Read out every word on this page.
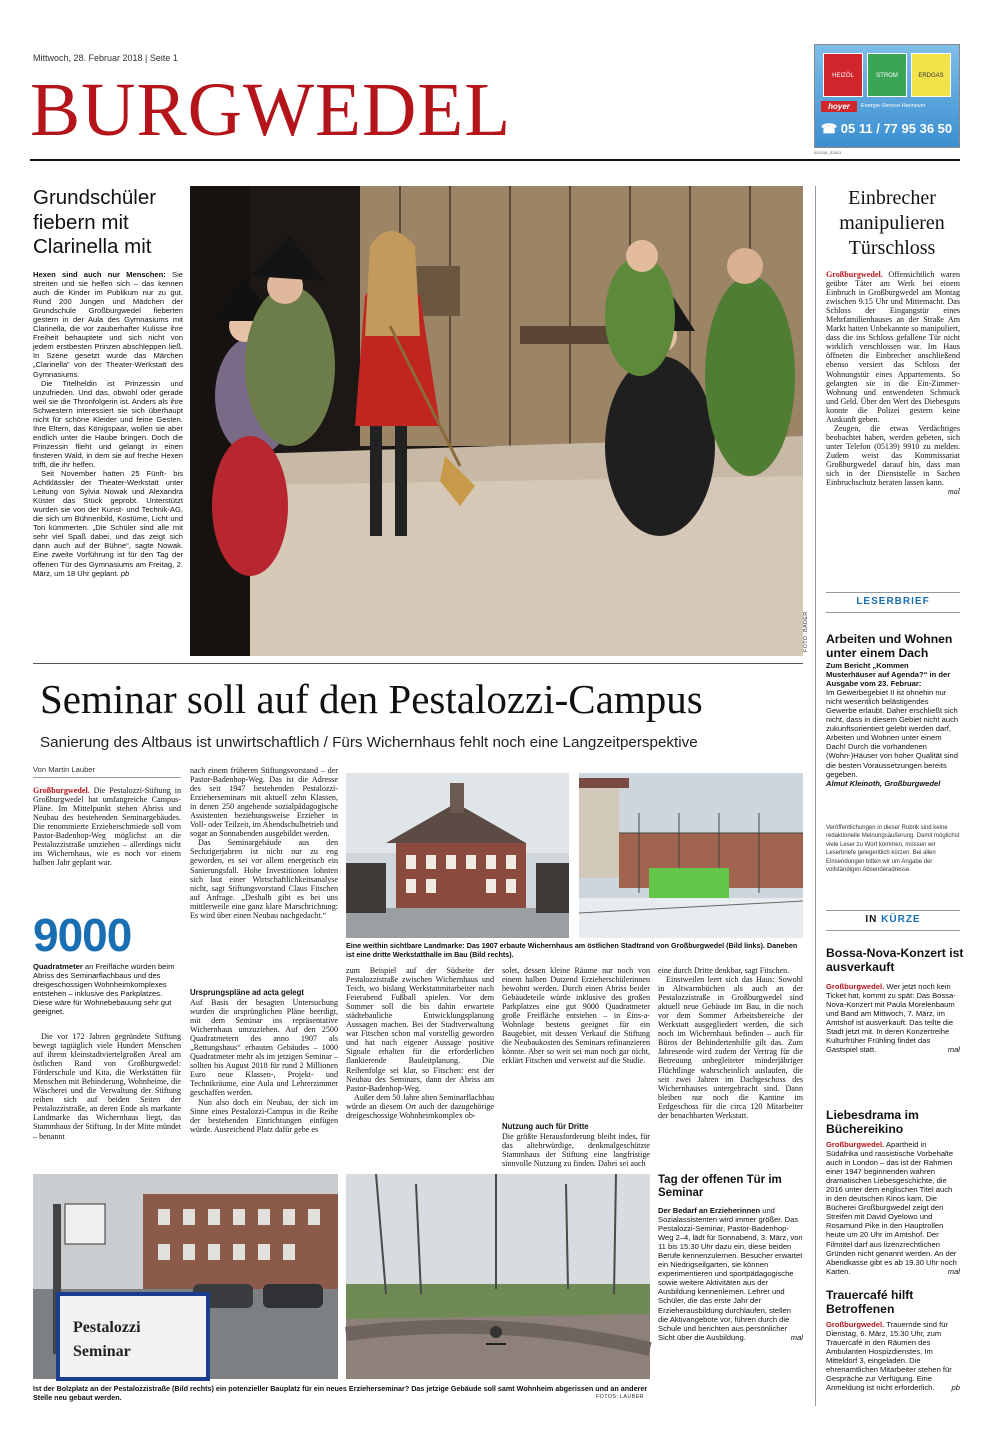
Mittwoch, 28. Februar 2018 | Seite 1
BURGWEDEL	HEIZÖL	STROM	ERDGAS
hoyer	Energie-Service Hannover
☎ 05 11 / 77 95 36 50
021016_S1813
Grundschüler fiebern mit Clarinella mit

Hexen sind auch nur Menschen: Sie streiten und sie helfen sich – das kennen auch die Kinder im Publikum nur zu gut. Rund 200 Jungen und Mädchen der Grundschule Großburgwedel fieberten gestern in der Aula des Gymnasiums mit Clarinella, die vor zauberhafter Kulisse ihre Freiheit behauptete und sich nicht von jedem erstbesten Prinzen abschleppen ließ. In Szene gesetzt wurde das Märchen „Clarinella“ von der Theater-Werkstatt des Gymnasiums.

Die Titelheldin ist Prinzessin und unzufrieden. Und das, obwohl oder gerade weil sie die Thronfolgerin ist. Anders als ihre Schwestern interessiert sie sich überhaupt nicht für schöne Kleider und feine Gesten. Ihre Eltern, das Königspaar, wollen sie aber endlich unter die Haube bringen. Doch die Prinzessin flieht und gelangt in einen finsteren Wald, in dem sie auf freche Hexen trifft, die ihr helfen.

Seit November hatten 25 Fünft- bis Achtklässler der Theater-Werkstatt unter Leitung von Sylvia Nowak und Alexandra Küster das Stück geprobt. Unterstützt wurden sie von der Kunst- und Technik-AG, die sich um Bühnenbild, Kostüme, Licht und Ton kümmerten. „Die Schüler sind alle mit sehr viel Spaß dabei, und das zeigt sich dann auch auf der Bühne“, sagte Nowak. Eine zweite Vorführung ist für den Tag der offenen Tür des Gymnasiums am Freitag, 2. März, um 18 Uhr geplant. pb

FOTO: BADER
Einbrecher manipulieren Türschloss

Großburgwedel. Offensichtlich waren geübte Täter am Werk bei einem Einbruch in Großburgwedel am Montag zwischen 9.15 Uhr und Mittemacht. Das Schloss der Eingangstür eines Mehrfamilienhauses an der Straße Am Markt hatten Unbekannte so manipuliert, dass die ins Schloss gefallene Tür nicht wirklich verschlossen war. Im Haus öffneten die Einbrecher anschließend ebenso versiert das Schloss der Wohnungstür eines Appartements. So gelangten sie in die Ein-Zimmer-Wohnung und entwendeten Schmuck und Geld. Über den Wert des Diebesguts konnte die Polizei gestern keine Auskunft geben.

Zeugen, die etwas Verdächtiges beobachtet haben, werden gebeten, sich unter Telefon (05139) 9910 zu melden. Zudem weist das Kommissariat Großburgwedel darauf hin, dass man sich in der Dienststelle in Sachen Einbruchschutz beraten lassen kann.
mal

LESERBRIEF
Arbeiten und Wohnen unter einem Dach

Zum Bericht „Kommen Musterhäuser auf Agenda?“ in der Ausgabe vom 23. Februar:

Im Gewerbegebiet II ist ohnehin nur nicht wesentlich belästigendes Gewerbe erlaubt. Daher erschließt sich nicht, dass in diesem Gebiet nicht auch zukunftsorientiert gelebt werden darf, Arbeiten und Wohnen unter einem Dach! Durch die vorhandenen (Wohn-)Häuser von hoher Qualität sind die besten Voraussetzungen bereits gegeben.

Almut Kleinoth, Großburgwedel

Veröffentlichungen in dieser Rubrik sind keine redaktionelle Meinungsäußerung. Damit möglichst viele Leser zu Wort kommen, müssen wir Leserbriefe gelegentlich kürzen. Bei allen Einsendungen bitten wir um Angabe der vollständigen Absenderadresse.
IN KÜRZE
Bossa-Nova-Konzert ist ausverkauft
Großburgwedel. Wer jetzt noch kein Ticket hat, kommt zu spät: Das Bossa-Nova-Konzert mit Paula Morelenbaum und Band am Mittwoch, 7. März, im Amtshof ist ausverkauft. Das teilte die Stadt jetzt mit. In deren Konzertreihe Kulturfrüher Frühling findet das Gastspiel statt.	mal
Liebesdrama im Büchereikino
Großburgwedel. Apartheid in Südafrika und rassistische Vorbehalte auch in London – das ist der Rahmen einer 1947 beginnenden wahren dramatischen Liebesgeschichte, die 2016 unter dem englischen Titel auch in den deutschen Kinos kam. Die Bücherei Großburgwedel zeigt den Streifen mit David Oyelowo und Rosamund Pike in den Hauptrollen heute um 20 Uhr im Amtshof. Der Filmtitel darf aus lizenzrechtlichen Gründen nicht genannt werden. An der Abendkasse gibt es ab 19.30 Uhr noch Karten.	mal
Trauercafé hilft Betroffenen
Großburgwedel. Trauernde sind für Dienstag, 6. März, 15.30 Uhr, zum Trauercafé in den Räumen des Ambulanten Hospizdienstes, Im Mitteldorf 3, eingeladen. Die ehrenamtlichen Mitarbeiter stehen für Gespräche zur Verfügung. Eine Anmeldung ist nicht erforderlich. pb
Seminar soll auf den Pestalozzi-Campus
Sanierung des Altbaus ist unwirtschaftlich / Fürs Wichernhaus fehlt noch eine Langzeitperspektive
Von Martin Lauber
Großburgwedel. Die Pestalozzi-Stiftung in Großburgwedel hat umfangreiche Campus-Pläne. Im Mittelpunkt stehen Abriss und Neubau des bestehenden Seminargebäudes. Die renommierte Erzieherschmiede soll vom Pastor-Badenhop-Weg möglichst an die Pestalozzistraße umziehen – allerdings nicht ins Wichernhaus, wie es noch vor einem halben Jahr geplant war.
9000
Quadratmeter an Freifläche würden beim Abriss des Seminarflachbaus und des dreigeschossigen Wohnheimkomplexes entstehen – inklusive des Parkplatzes. Diese wäre für Wohnebebauung sehr gut geeignet.

Die vor 172 Jahren gegründete Stiftung bewegt tagtäglich viele Hundert Menschen auf ihrem kleinstadtviertelgroßen Areal am östlichen Rand von Großburgwedel: Förderschule und Kita, die Werkstätten für Menschen mit Behinderung, Wohnheime, die Wäscherei und die Verwaltung der Stiftung reihen sich auf beiden Seiten der Pestalozzistraße, an deren Ende als markante Landmarke das Wichernhaus liegt, das Stammhaus der Stiftung. In der Mitte mündet – benannt

nach einem früheren Stiftungsvorstand – der Pastor-Badenhop-Weg. Das ist die Adresse des seit 1947 bestehenden Pestalozzi-Erzieherseminars mit aktuell zehn Klassen, in denen 250 angehende sozialpädagogische Assistenten beziehungsweise Erzieher in Voll- oder Teilzeit, im Abendschulbetrieb und sogar an Sonnabenden ausgebildet werden.

Das Seminargebäude aus den Sechzigerjahren ist nicht nur zu eng geworden, es sei vor allem energetisch ein Sanierungsfall. Hohe Investitionen lohnten sich laut einer Wirtschaftlichkeitsanalyse nicht, sagt Stiftungsvorstand Claus Fitschen auf Anfrage. „Deshalb gibt es bei uns mittlerweile eine ganz klare Marschrichtung: Es wird über einen Neubau nachgedacht.“

Eine weithin sichtbare Landmarke: Das 1907 erbaute Wichernhaus am östlichen Stadtrand von Großburgwedel (Bild links). Daneben ist eine dritte Werkstatthalle im Bau (Bild rechts).

zum Beispiel auf der Südseite der Pestalozzistraße zwischen Wichernhaus und Teich, wo bislang Werkstattmitarbeiter nach Feierabend Fußball spielen. Vor dem Sommer soll die bis dahin erwartete städtebauliche Entwicklungsplanung Aussagen machen. Bei der Stadtverwaltung war Fitschen schon mal vorstellig geworden und hat nach eigener Aussage positive Signale erhalten für die erforderlichen flankierende Bauleitplanung. Die Reihenfolge sei klar, so Fitschen: erst der Neubau des Seminars, dann der Abriss am Pastor-Badenhop-Weg.

Außer dem 50 Jahre alten Seminarflachbau würde an diesem Ort auch der dazugehörige dreigeschossige Wohnheimkomplex ob-

solet, dessen kleine Räume nur noch von einem halben Dutzend Erzieherschülerinnen bewohnt werden. Durch einen Abriss beider Gebäudeteile würde inklusive des großen Parkplatzes eine gut 9000 Quadratmeter große Freifläche entstehen – in Eins-a-Wohnlage bestens geeignet für ein Baugebiet, mit dessen Verkauf die Stiftung die Neubaukosten des Seminars refinanzieren könnte. Aber so weit sei man noch gar nicht, erklärt Fitschen und verweist auf die Studie.

Nutzung auch für Dritte
Die größte Herausforderung bleibt indes, für das altehrwürdige, denkmalgeschützte Stammhaus der Stiftung eine langfristige sinnvolle Nutzung zu finden. Dabei sei auch

eine durch Dritte denkbar, sagt Fitschen.

Einstweilen leert sich das Haus: Sowohl in Altwarmbüchen als auch an der Pestalozzistraße in Großburgwedel sind aktuell neue Gebäude im Bau, in die noch vor dem Sommer Arbeitsbereiche der Werkstatt ausgegliedert werden, die sich noch im Wichernhaus befinden – auch für Büros der Behindertenhilfe gilt das. Zum Jahresende wird zudem der Vertrag für die Betreuung unbegleiteter minderjähriger Flüchtlinge wahrscheinlich auslaufen, die seit zwei Jahren im Dachgeschoss des Wichernhauses untergebracht sind. Dann bleiben nur noch die Kantine im Erdgeschoss für die circa 120 Mitarbeiter der benachbarten Werkstatt.

Ursprungspläne ad acta gelegt

Auf Basis der besagten Untersuchung wurden die ursprünglichen Pläne beerdigt, mit dem Seminar ins repräsentative Wichernhaus umzuziehen. Auf den 2500 Quadratmetern des anno 1907 als „Rettungshaus“ erbauten Gebäudes – 1000 Quadratmeter mehr als im jetzigen Seminar – sollten bis August 2018 für rund 2 Millionen Euro neue Klassen-, Projekt- und Technikräume, eine Aula und Lehrerzimmer geschaffen werden.

Nun also doch ein Neubau, der sich im Sinne eines Pestalozzi-Campus in die Reihe der bestehenden Einrichtungen einfügen würde. Ausreichend Platz dafür gebe es

Pestalozzi
Seminar
Ist der Bolzplatz an der Pestalozzistraße (Bild rechts) ein potenzieller Bauplatz für ein neues Erzieherseminar? Das jetzige Gebäude soll samt Wohnheim abgerissen und an anderer Stelle neu gebaut werden.	FOTOS: LAUBER
Tag der offenen Tür im Seminar
Der Bedarf an Erzieherinnen und Sozialassistenten wird immer größer. Das Pestalozzi-Seminar, Pastor-Badenhop-Weg 2–4, lädt für Sonnabend, 3. März, von 11 bis 15.30 Uhr dazu ein, diese beiden Berufe kennenzulernen. Besucher erwartet ein Niedrigseilgarten, sie können experimentieren und sportpädagogische sowie weitere Aktivitäten aus der Ausbildung kennenlernen. Lehrer und Schüler, die das erste Jahr der Erzieherausbildung durchlaufen, stellen die Aktivangebote vor, führen durch die Schule und berichten aus persönlicher Sicht über die Ausbildung.	mal
